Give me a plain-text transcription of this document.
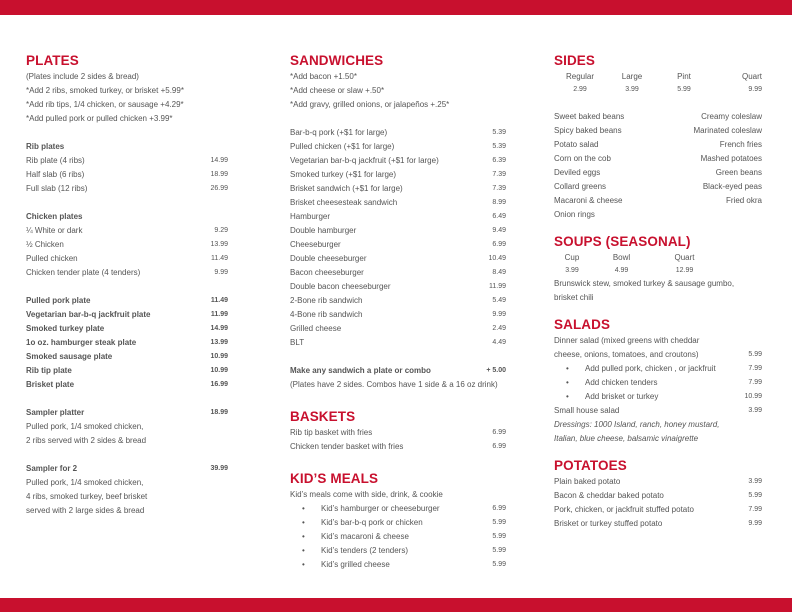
PLATES
(Plates include 2 sides & bread)
*Add 2 ribs, smoked turkey, or brisket +5.99*
*Add rib tips, 1/4 chicken, or sausage +4.29*
*Add pulled pork or pulled chicken +3.99*
Rib plates
Rib plate (4 ribs)	14.99
Half slab (6 ribs)	18.99
Full slab (12 ribs)	26.99
Chicken plates
¼ White or dark	9.29
½ Chicken	13.99
Pulled chicken	11.49
Chicken tender plate (4 tenders)	9.99
Pulled pork plate	11.49
Vegetarian bar-b-q jackfruit plate	11.99
Smoked turkey plate	14.99
1o oz. hamburger steak plate	13.99
Smoked sausage plate	10.99
Rib tip plate	10.99
Brisket plate	16.99
Sampler platter	18.99
Pulled pork, 1/4 smoked chicken,
2 ribs served with 2 sides & bread
Sampler for 2	39.99
Pulled pork, 1/4 smoked chicken,
4 ribs, smoked turkey, beef brisket
served with 2 large sides & bread
SANDWICHES
*Add bacon +1.50*
*Add cheese or slaw +.50*
*Add gravy, grilled onions, or jalapeños +.25*
Bar-b-q pork (+$1 for large)	5.39
Pulled chicken (+$1 for large)	5.39
Vegetarian bar-b-q jackfruit (+$1 for large)	6.39
Smoked turkey (+$1 for large)	7.39
Brisket sandwich (+$1 for large)	7.39
Brisket cheesesteak sandwich	8.99
Hamburger	6.49
Double hamburger	9.49
Cheeseburger	6.99
Double cheeseburger	10.49
Bacon cheeseburger	8.49
Double bacon cheeseburger	11.99
2-Bone rib sandwich	5.49
4-Bone rib sandwich	9.99
Grilled cheese	2.49
BLT	4.49
Make any sandwich a plate or combo	+ 5.00
(Plates have 2 sides. Combos have 1 side & a 16 oz drink)
BASKETS
Rib tip basket with fries	6.99
Chicken tender basket with fries	6.99
KID’S MEALS
Kid’s meals come with side, drink, & cookie
•	Kid’s hamburger or cheeseburger	6.99
•	Kid’s bar-b-q pork or chicken	5.99
•	Kid’s macaroni & cheese	5.99
•	Kid’s tenders (2 tenders)	5.99
•	Kid’s grilled cheese	5.99
SIDES
Regular	Large	Pint	Quart
2.99	3.99	5.99	9.99
Sweet baked beans	Creamy coleslaw
Spicy baked beans	Marinated coleslaw
Potato salad	French fries
Corn on the cob	Mashed potatoes
Deviled eggs	Green beans
Collard greens	Black-eyed peas
Macaroni & cheese	Fried okra
Onion rings
SOUPS (SEASONAL)
Cup	Bowl	Quart
3.99	4.99	12.99
Brunswick stew, smoked turkey & sausage gumbo,
brisket chili
SALADS
Dinner salad (mixed greens with cheddar
cheese, onions, tomatoes, and croutons)	5.99
•	Add pulled pork, chicken , or jackfruit	7.99
•	Add chicken tenders	7.99
•	Add brisket or turkey	10.99
Small house salad	3.99
Dressings: 1000 Island, ranch, honey mustard,
Italian, blue cheese, balsamic vinaigrette
POTATOES
Plain baked potato	3.99
Bacon & cheddar baked potato	5.99
Pork, chicken, or jackfruit stuffed potato	7.99
Brisket or turkey stuffed potato	9.99
